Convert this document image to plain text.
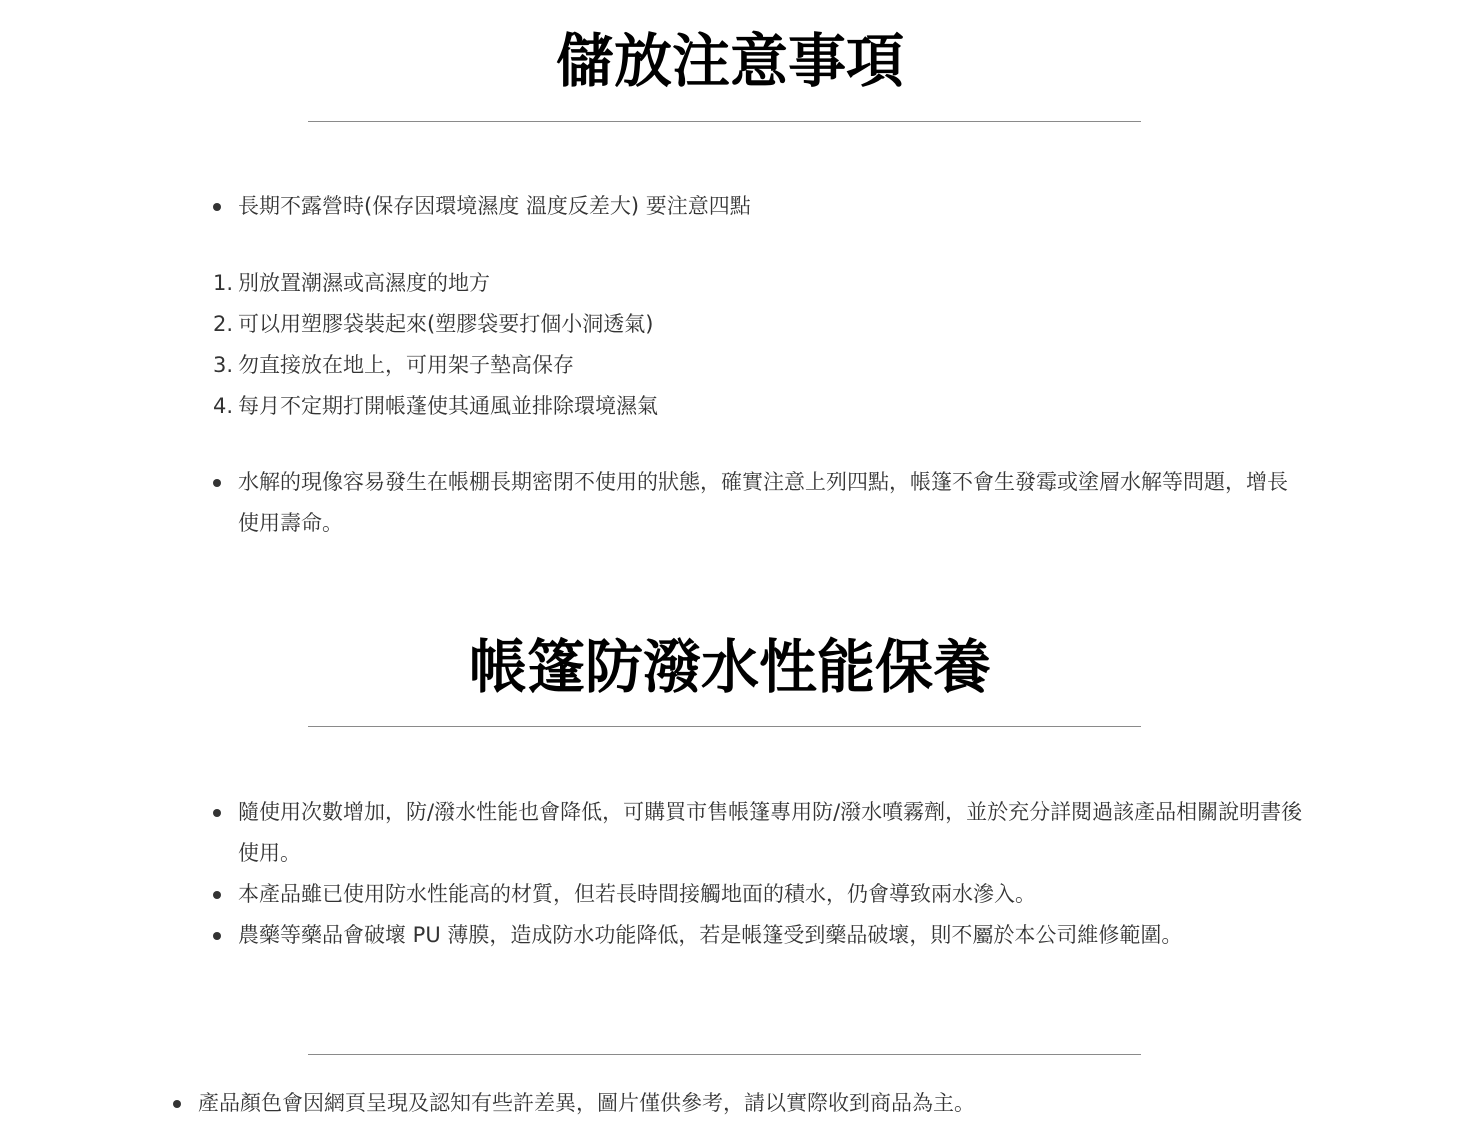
儲放注意事項
長期不露營時(保存因環境濕度 溫度反差大) 要注意四點
1. 別放置潮濕或高濕度的地方
2. 可以用塑膠袋裝起來(塑膠袋要打個小洞透氣)
3. 勿直接放在地上，可用架子墊高保存
4. 每月不定期打開帳蓬使其通風並排除環境濕氣
水解的現像容易發生在帳棚長期密閉不使用的狀態，確實注意上列四點，帳篷不會生發霉或塗層水解等問題，增長使用壽命。
帳篷防潑水性能保養
隨使用次數增加，防/潑水性能也會降低，可購買市售帳篷專用防/潑水噴霧劑，並於充分詳閱過該產品相關說明書後使用。
本產品雖已使用防水性能高的材質，但若長時間接觸地面的積水，仍會導致兩水滲入。
農藥等藥品會破壞 PU 薄膜，造成防水功能降低，若是帳篷受到藥品破壞，則不屬於本公司維修範圍。
產品顏色會因網頁呈現及認知有些許差異，圖片僅供參考，請以實際收到商品為主。
